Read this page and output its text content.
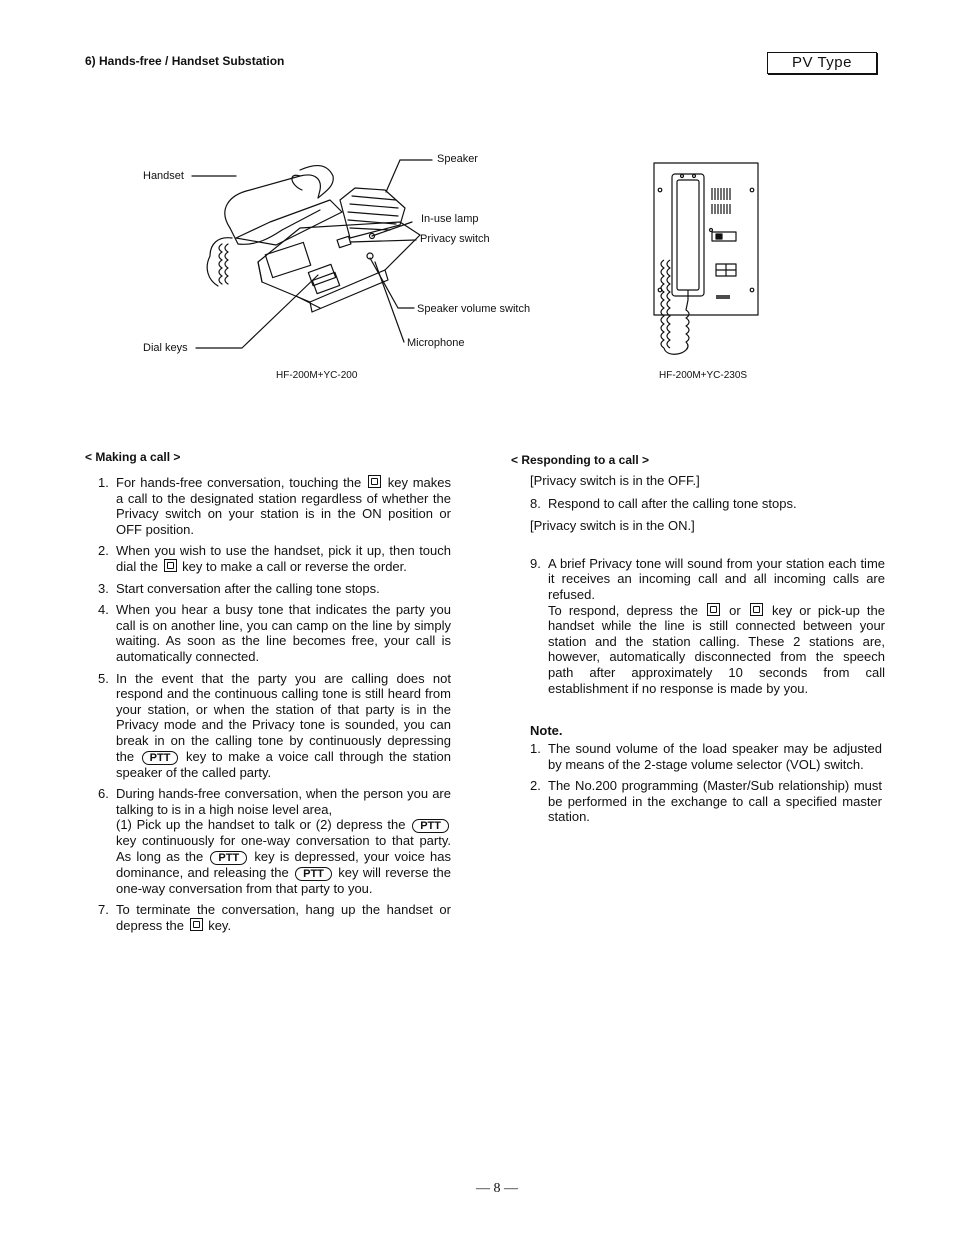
6) Hands-free / Handset Substation	PV Type
Speaker
Handset
In-use lamp
Privacy switch
Speaker volume switch
Microphone
Dial keys
HF-200M+YC-200	HF-200M+YC-230S
< Making a call >
1. For hands-free conversation, touching the key makes a call to the designated station regardless of whether the Privacy switch on your station is in the ON position or OFF position.
2. When you wish to use the handset, pick it up, then touch dial the key to make a call or reverse the order.
3. Start conversation after the calling tone stops.
4. When you hear a busy tone that indicates the party you call is on another line, you can camp on the line by simply waiting. As soon as the line becomes free, your call is automatically connected.
5. In the event that the party you are calling does not respond and the continuous calling tone is still heard from your station, or when the station of that party is in the Privacy mode and the Privacy tone is sounded, you can break in on the calling tone by continuously depressing the PTT key to make a voice call through the station speaker of the called party.
6. During hands-free conversation, when the person you are talking to is in a high noise level area,
(1) Pick up the handset to talk or (2) depress the PTT key continuously for one-way conversation to that party. As long as the PTT key is depressed, your voice has dominance, and releasing the PTT key will reverse the one-way conversation from that party to you.
7. To terminate the conversation, hang up the handset or depress the key.
< Responding to a call >

[Privacy switch is in the OFF.]

8. Respond to call after the calling tone stops.

[Privacy switch is in the ON.]

9. A brief Privacy tone will sound from your station each time it receives an incoming call and all incoming calls are refused.
To respond, depress the or key or pick-up the handset while the line is still connected between your station and the station calling. These 2 stations are, however, automatically disconnected from the speech path after approximately 10 seconds from call establishment if no response is made by you.
Note.
1. The sound volume of the load speaker may be adjusted by means of the 2-stage volume selector (VOL) switch.
2. The No.200 programming (Master/Sub relationship) must be performed in the exchange to call a specified master station.
— 8 —
